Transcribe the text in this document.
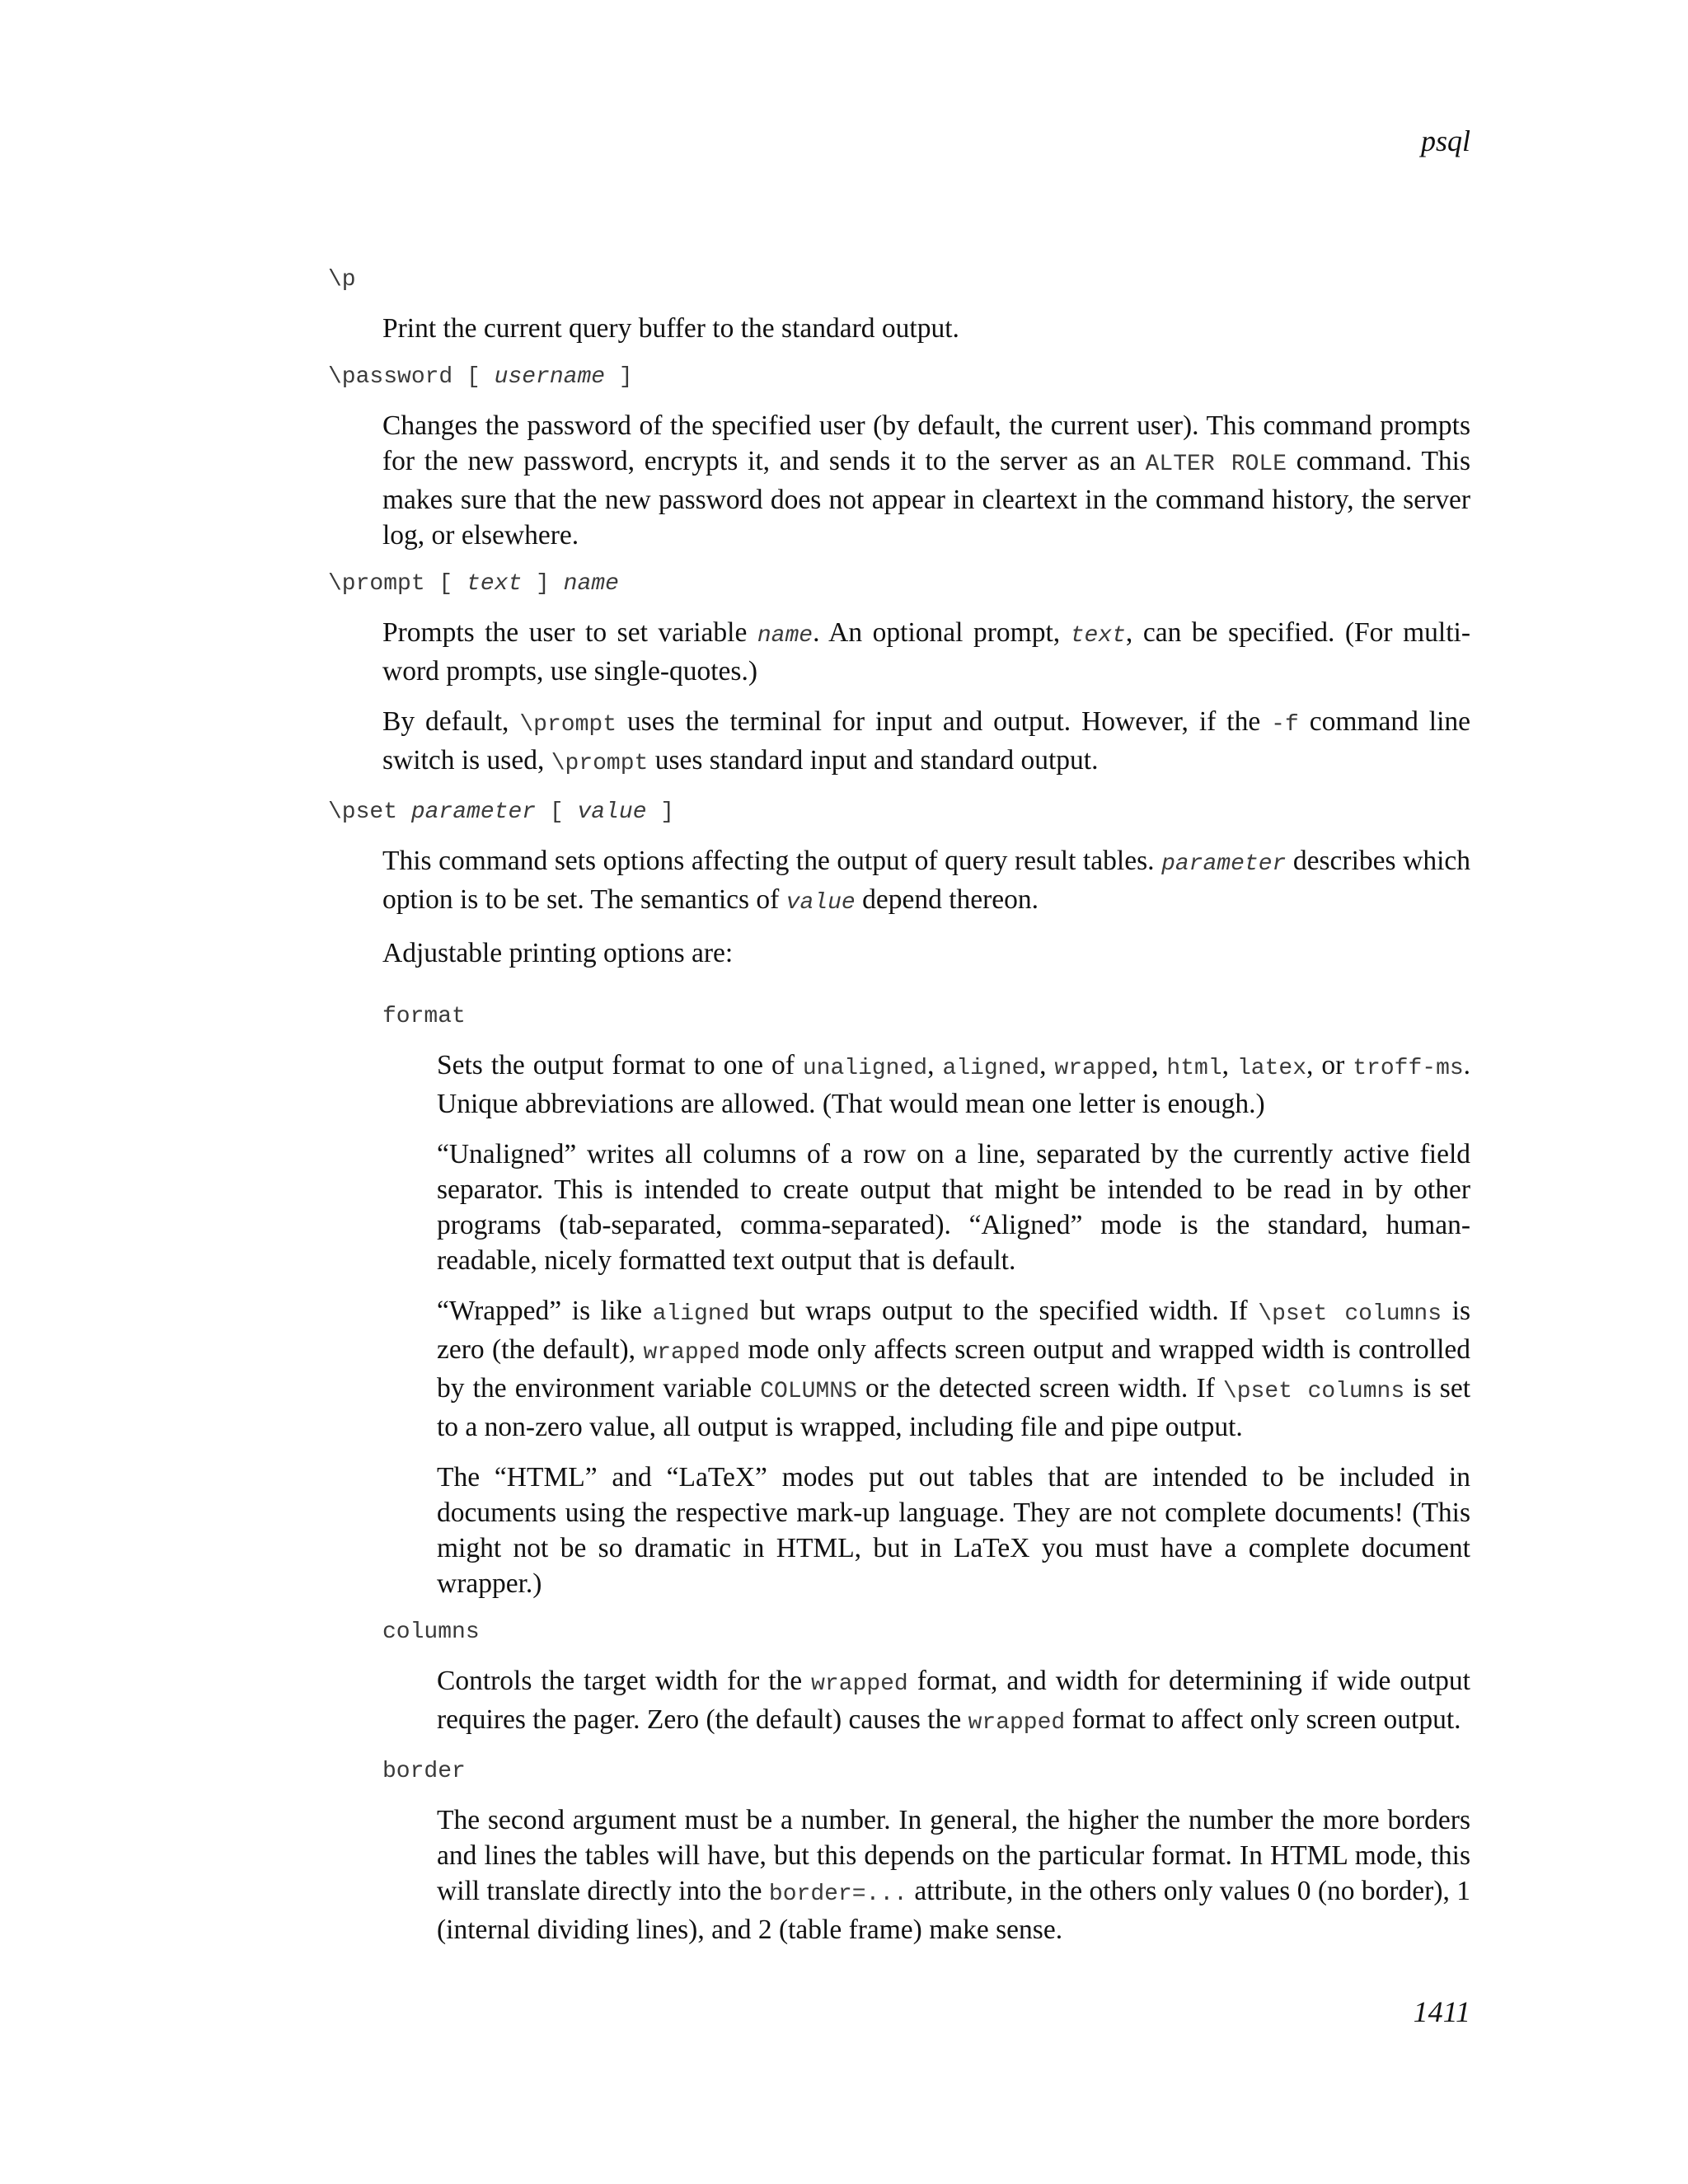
psql

\p

Print the current query buffer to the standard output.

\password [ username ]

Changes the password of the specified user (by default, the current user). This command prompts for the new password, encrypts it, and sends it to the server as an ALTER ROLE command. This makes sure that the new password does not appear in cleartext in the command history, the server log, or elsewhere.

\prompt [ text ] name

Prompts the user to set variable name. An optional prompt, text, can be specified. (For multi-word prompts, use single-quotes.)

By default, \prompt uses the terminal for input and output. However, if the -f command line switch is used, \prompt uses standard input and standard output.

\pset parameter [ value ]

This command sets options affecting the output of query result tables. parameter describes which option is to be set. The semantics of value depend thereon.

Adjustable printing options are:

format

Sets the output format to one of unaligned, aligned, wrapped, html, latex, or troff-ms. Unique abbreviations are allowed. (That would mean one letter is enough.)

“Unaligned” writes all columns of a row on a line, separated by the currently active field separator. This is intended to create output that might be intended to be read in by other programs (tab-separated, comma-separated). “Aligned” mode is the standard, human-readable, nicely formatted text output that is default.

“Wrapped” is like aligned but wraps output to the specified width. If \pset columns is zero (the default), wrapped mode only affects screen output and wrapped width is controlled by the environment variable COLUMNS or the detected screen width. If \pset columns is set to a non-zero value, all output is wrapped, including file and pipe output.

The “HTML” and “LaTeX” modes put out tables that are intended to be included in documents using the respective mark-up language. They are not complete documents! (This might not be so dramatic in HTML, but in LaTeX you must have a complete document wrapper.)

columns

Controls the target width for the wrapped format, and width for determining if wide output requires the pager. Zero (the default) causes the wrapped format to affect only screen output.

border

The second argument must be a number. In general, the higher the number the more borders and lines the tables will have, but this depends on the particular format. In HTML mode, this will translate directly into the border=... attribute, in the others only values 0 (no border), 1 (internal dividing lines), and 2 (table frame) make sense.

1411
